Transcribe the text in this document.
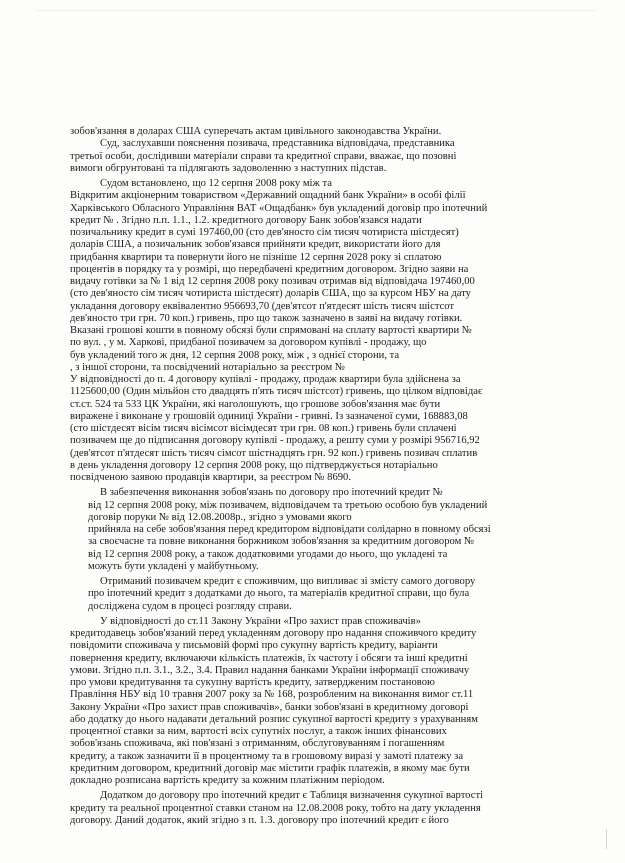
зобов'язання в доларах США суперечать актам цивільного законодавства України.
Суд, заслухавши пояснення позивача, представника відповідача, представника
третьої особи, дослідивши матеріали справи та кредитної справи, вважає, що позовні
вимоги обгрунтовані та підлягають задоволенню з наступних підстав.
Судом встановлено, що 12 серпня 2008 року між та
Відкритим акціонерним товариством «Державний ощадний банк України» в особі філії
Харківського Обласного Управління ВАТ «Ощадбанк» був укладений договір про іпотечний
кредит № . Згідно п.п. 1.1., 1.2. кредитного договору Банк зобов'язався надати
позичальнику кредит в сумі 197460,00 (сто дев'яносто сім тисяч чотириста шістдесят)
доларів США, а позичальник зобов'язався прийняти кредит, використати його для
придбання квартири та повернути його не пізніше 12 серпня 2028 року зі сплатою
процентів в порядку та у розмірі, що передбачені кредитним договором. Згідно заяви на
видачу готівки за № 1 від 12 серпня 2008 року позивач отримав від відповідача 197460,00
(сто дев'яносто сім тисяч чотириста шістдесят) доларів США, що за курсом НБУ на дату
укладання договору еквівалентно 956693,70 (дев'ятсот п'ятдесят шість тисяч шістсот
дев'яносто три грн. 70 коп.) гривень, про що також зазначено в заяві на видачу готівки.
Вказані грошові кошти в повному обсязі були спрямовані на сплату вартості квартири №
по вул. , у м. Харкові, придбаної позивачем за договором купівлі - продажу, що
був укладений того ж дня, 12 серпня 2008 року, між , з однієї сторони, та
, з іншої сторони, та посвідчений нотаріально за реєстром №
У відповідності до п. 4 договору купівлі - продажу, продаж квартири була здійснена за
1125600,00 (Один мільйон сто двадцять п'ять тисяч шістсот) гривень, що цілком відповідає
ст.ст. 524 та 533 ЦК України, які наголошують, що грошове зобов'язання має бути
виражене і виконане у грошовій одиниці України - гривні. Із зазначеної суми, 168883,08
(сто шістдесят вісім тисяч вісімсот вісімдесят три грн. 08 коп.) гривень були сплачені
позивачем ще до підписання договору купівлі - продажу, а решту суми у розмірі 956716,92
(дев'ятсот п'ятдесят шість тисяч сімсот шістнадцять грн. 92 коп.) гривень позивач сплатив
в день укладення договору 12 серпня 2008 року, що підтверджується нотаріально
посвідченою заявою продавців квартири, за реєстром № 8690.
В забезпечення виконання зобов'язань по договору про іпотечний кредит №
від 12 серпня 2008 року, між позивачем, відповідачем та третьою особою був укладений
договір поруки № від 12.08.2008р., згідно з умовами якого
прийняла на себе зобов'язання перед кредитором відповідати солідарно в повному обсязі
за своєчасне та повне виконання боржником зобов'язання за кредитним договором №
від 12 серпня 2008 року, а також додатковими угодами до нього, що укладені та
можуть бути укладені у майбутньому.
Отриманий позивачем кредит є споживчим, що випливає зі змісту самого договору
про іпотечний кредит з додатками до нього, та матеріалів кредитної справи, що була
досліджена судом в процесі розгляду справи.
У відповідності до ст.11 Закону України «Про захист прав споживачів»
кредитодавець зобов'язаний перед укладенням договору про надання споживчого кредиту
повідомити споживача у письмовій формі про сукупну вартість кредиту, варіанти
повернення кредиту, включаючи кількість платежів, їх частоту і обсяги та інші кредитні
умови. Згідно п.п. 3.1., 3.2., 3.4. Правил надання банками України інформації споживачу
про умови кредитування та сукупну вартість кредиту, затвердженим постановою
Правління НБУ від 10 травня 2007 року за № 168, розробленим на виконання вимог ст.11
Закону України «Про захист прав споживачів», банки зобов'язані в кредитному договорі
або додатку до нього надавати детальний розпис сукупної вартості кредиту з урахуванням
процентної ставки за ним, вартості всіх супутніх послуг, а також інших фінансових
зобов'язань споживача, які пов'язані з отриманням, обслуговуванням і погашенням
кредиту, а також зазначити її в процентному та в грошовому виразі у замоті платежу за
кредитним договором, кредитний договір має містити графік платежів, в якому має бути
докладно розписана вартість кредиту за кожним платіжним періодом.
Додатком до договору про іпотечний кредит є Таблиця визначення сукупної вартості
кредиту та реальної процентної ставки станом на 12.08.2008 року, тобто на дату укладення
договору. Даний додаток, який згідно з п. 1.3. договору про іпотечний кредит є його
